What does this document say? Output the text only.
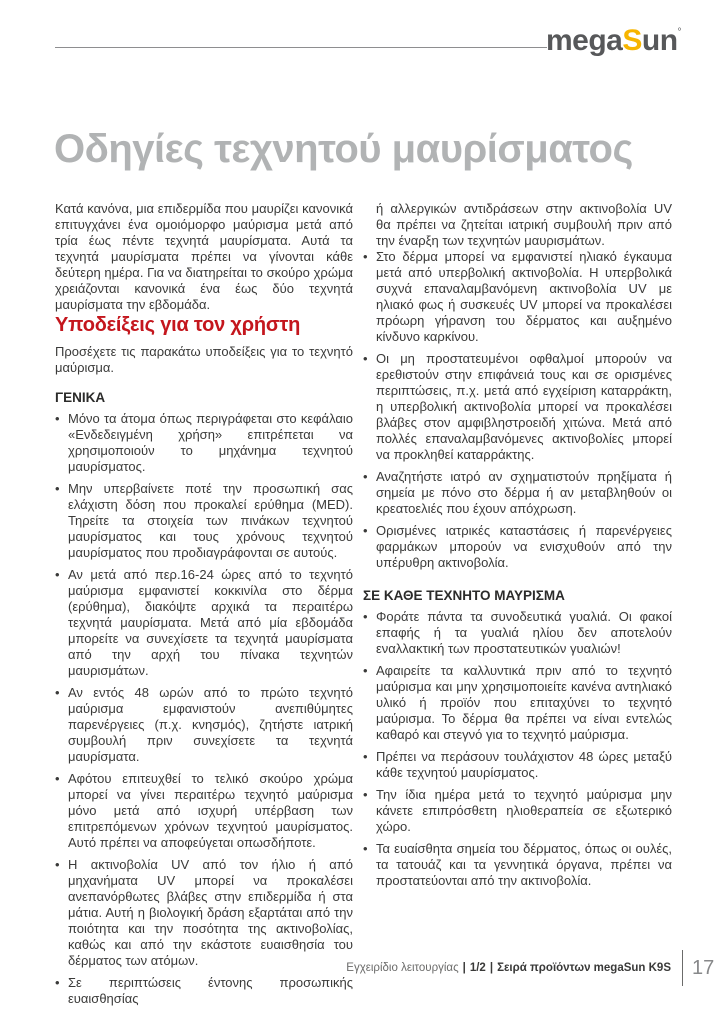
megaSun°
Οδηγίες τεχνητού μαυρίσματος

Κατά κανόνα, μια επιδερμίδα που μαυρίζει κανονικά επιτυγχάνει ένα ομοιόμορφο μαύρισμα μετά από τρία έως πέντε τεχνητά μαυρίσματα. Αυτά τα τεχνητά μαυρίσματα πρέπει να γίνονται κάθε δεύτερη ημέρα. Για να διατηρείται το σκούρο χρώμα χρειάζονται κανονικά ένα έως δύο τεχνητά μαυρίσματα την εβδομάδα.

Υποδείξεις για τον χρήστη

Προσέχετε τις παρακάτω υποδείξεις για το τεχνητό μαύρισμα.

ΓΕΝΙΚΑ
• Μόνο τα άτομα όπως περιγράφεται στο κεφάλαιο «Ενδεδειγμένη χρήση» επιτρέπεται να χρησιμοποιούν το μηχάνημα τεχνητού μαυρίσματος.
• Μην υπερβαίνετε ποτέ την προσωπική σας ελάχιστη δόση που προκαλεί ερύθημα (MED). Τηρείτε τα στοιχεία των πινάκων τεχνητού μαυρίσματος και τους χρόνους τεχνητού μαυρίσματος που προδιαγράφονται σε αυτούς.
• Αν μετά από περ.16-24 ώρες από το τεχνητό μαύρισμα εμφανιστεί κοκκινίλα στο δέρμα (ερύθημα), διακόψτε αρχικά τα περαιτέρω τεχνητά μαυρίσματα. Μετά από μία εβδομάδα μπορείτε να συνεχίσετε τα τεχνητά μαυρίσματα από την αρχή του πίνακα τεχνητών μαυρισμάτων.
• Αν εντός 48 ωρών από το πρώτο τεχνητό μαύρισμα εμφανιστούν ανεπιθύμητες παρενέργειες (π.χ. κνησμός), ζητήστε ιατρική συμβουλή πριν συνεχίσετε τα τεχνητά μαυρίσματα.
• Αφότου επιτευχθεί το τελικό σκούρο χρώμα μπορεί να γίνει περαιτέρω τεχνητό μαύρισμα μόνο μετά από ισχυρή υπέρβαση των επιτρεπόμενων χρόνων τεχνητού μαυρίσματος. Αυτό πρέπει να αποφεύγεται οπωσδήποτε.
• Η ακτινοβολία UV από τον ήλιο ή από μηχανήματα UV μπορεί να προκαλέσει ανεπανόρθωτες βλάβες στην επιδερμίδα ή στα μάτια. Αυτή η βιολογική δράση εξαρτάται από την ποιότητα και την ποσότητα της ακτινοβολίας, καθώς και από την εκάστοτε ευαισθησία του δέρματος των ατόμων.
• Σε περιπτώσεις έντονης προσωπικής ευαισθησίας

ή αλλεργικών αντιδράσεων στην ακτινοβολία UV θα πρέπει να ζητείται ιατρική συμβουλή πριν από την έναρξη των τεχνητών μαυρισμάτων.

• Στο δέρμα μπορεί να εμφανιστεί ηλιακό έγκαυμα μετά από υπερβολική ακτινοβολία. Η υπερβολικά συχνά επαναλαμβανόμενη ακτινοβολία UV με ηλιακό φως ή συσκευές UV μπορεί να προκαλέσει πρόωρη γήρανση του δέρματος και αυξημένο κίνδυνο καρκίνου.
• Οι μη προστατευμένοι οφθαλμοί μπορούν να ερεθιστούν στην επιφάνειά τους και σε ορισμένες περιπτώσεις, π.χ. μετά από εγχείριση καταρράκτη, η υπερβολική ακτινοβολία μπορεί να προκαλέσει βλάβες στον αμφιβληστροειδή χιτώνα. Μετά από πολλές επαναλαμβανόμενες ακτινοβολίες μπορεί να προκληθεί καταρράκτης.
• Αναζητήστε ιατρό αν σχηματιστούν πρηξίματα ή σημεία με πόνο στο δέρμα ή αν μεταβληθούν οι κρεατοελιές που έχουν απόχρωση.
• Ορισμένες ιατρικές καταστάσεις ή παρενέργειες φαρμάκων μπορούν να ενισχυθούν από την υπέρυθρη ακτινοβολία.
ΣΕ ΚΑΘΕ ΤΕΧΝΗΤΟ ΜΑΥΡΙΣΜΑ
• Φοράτε πάντα τα συνοδευτικά γυαλιά. Οι φακοί επαφής ή τα γυαλιά ηλίου δεν αποτελούν εναλλακτική των προστατευτικών γυαλιών!
• Αφαιρείτε τα καλλυντικά πριν από το τεχνητό μαύρισμα και μην χρησιμοποιείτε κανένα αντηλιακό υλικό ή προϊόν που επιταχύνει το τεχνητό μαύρισμα. Το δέρμα θα πρέπει να είναι εντελώς καθαρό και στεγνό για το τεχνητό μαύρισμα.
• Πρέπει να περάσουν τουλάχιστον 48 ώρες μεταξύ κάθε τεχνητού μαυρίσματος.
• Την ίδια ημέρα μετά το τεχνητό μαύρισμα μην κάνετε επιπρόσθετη ηλιοθεραπεία σε εξωτερικό χώρο.
• Τα ευαίσθητα σημεία του δέρματος, όπως οι ουλές, τα τατουάζ και τα γεννητικά όργανα, πρέπει να προστατεύονται από την ακτινοβολία.
Εγχειρίδιο λειτουργίας | 1/2 | Σειρά προϊόντων megaSun K9S 17
